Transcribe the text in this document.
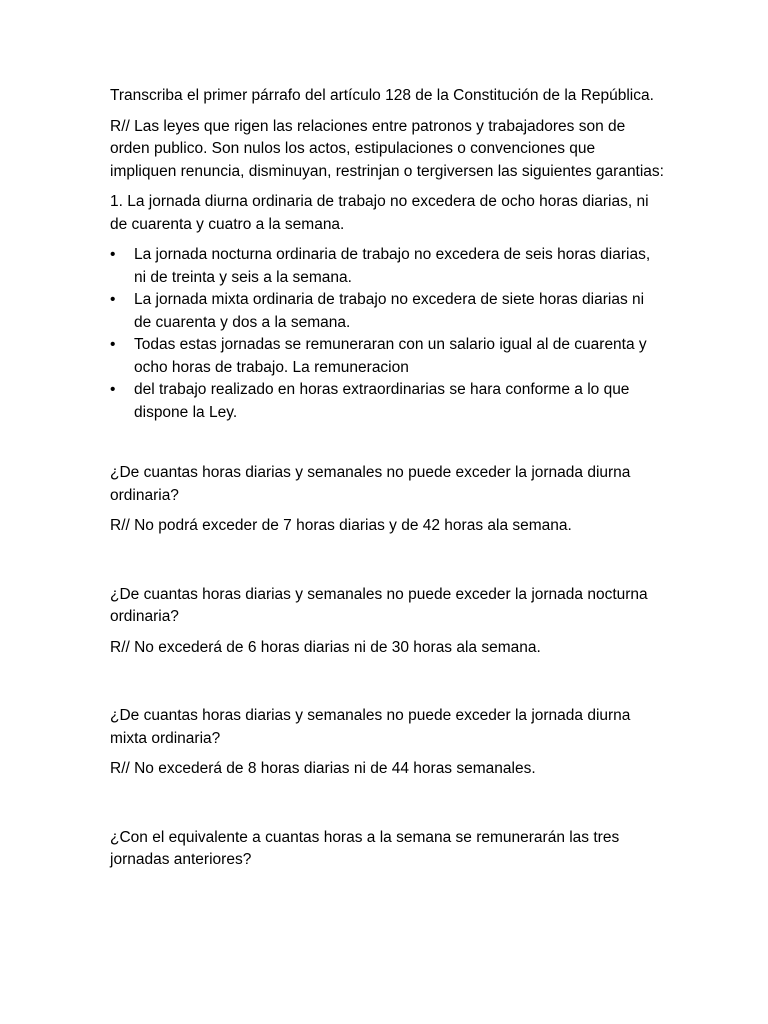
Transcriba el primer párrafo del artículo 128 de la Constitución de la República.

R// Las leyes que rigen las relaciones entre patronos y trabajadores son de orden publico. Son nulos los actos, estipulaciones o convenciones que impliquen renuncia, disminuyan, restrinjan o tergiversen las siguientes garantias:

1. La jornada diurna ordinaria de trabajo no excedera de ocho horas diarias, ni de cuarenta y cuatro a la semana.

• La jornada nocturna ordinaria de trabajo no excedera de seis horas diarias, ni de treinta y seis a la semana.
• La jornada mixta ordinaria de trabajo no excedera de siete horas diarias ni de cuarenta y dos a la semana.
• Todas estas jornadas se remuneraran con un salario igual al de cuarenta y ocho horas de trabajo. La remuneracion
• del trabajo realizado en horas extraordinarias se hara conforme a lo que dispone la Ley.

¿De cuantas horas diarias y semanales no puede exceder la jornada diurna ordinaria?

R// No podrá exceder de 7 horas diarias y de 42 horas ala semana.

¿De cuantas horas diarias y semanales no puede exceder la jornada nocturna ordinaria?

R// No excederá de 6 horas diarias ni de 30 horas ala semana.

¿De cuantas horas diarias y semanales no puede exceder la jornada diurna mixta ordinaria?

R// No excederá de 8 horas diarias ni de 44 horas semanales.

¿Con el equivalente a cuantas horas a la semana se remunerarán las tres jornadas anteriores?
